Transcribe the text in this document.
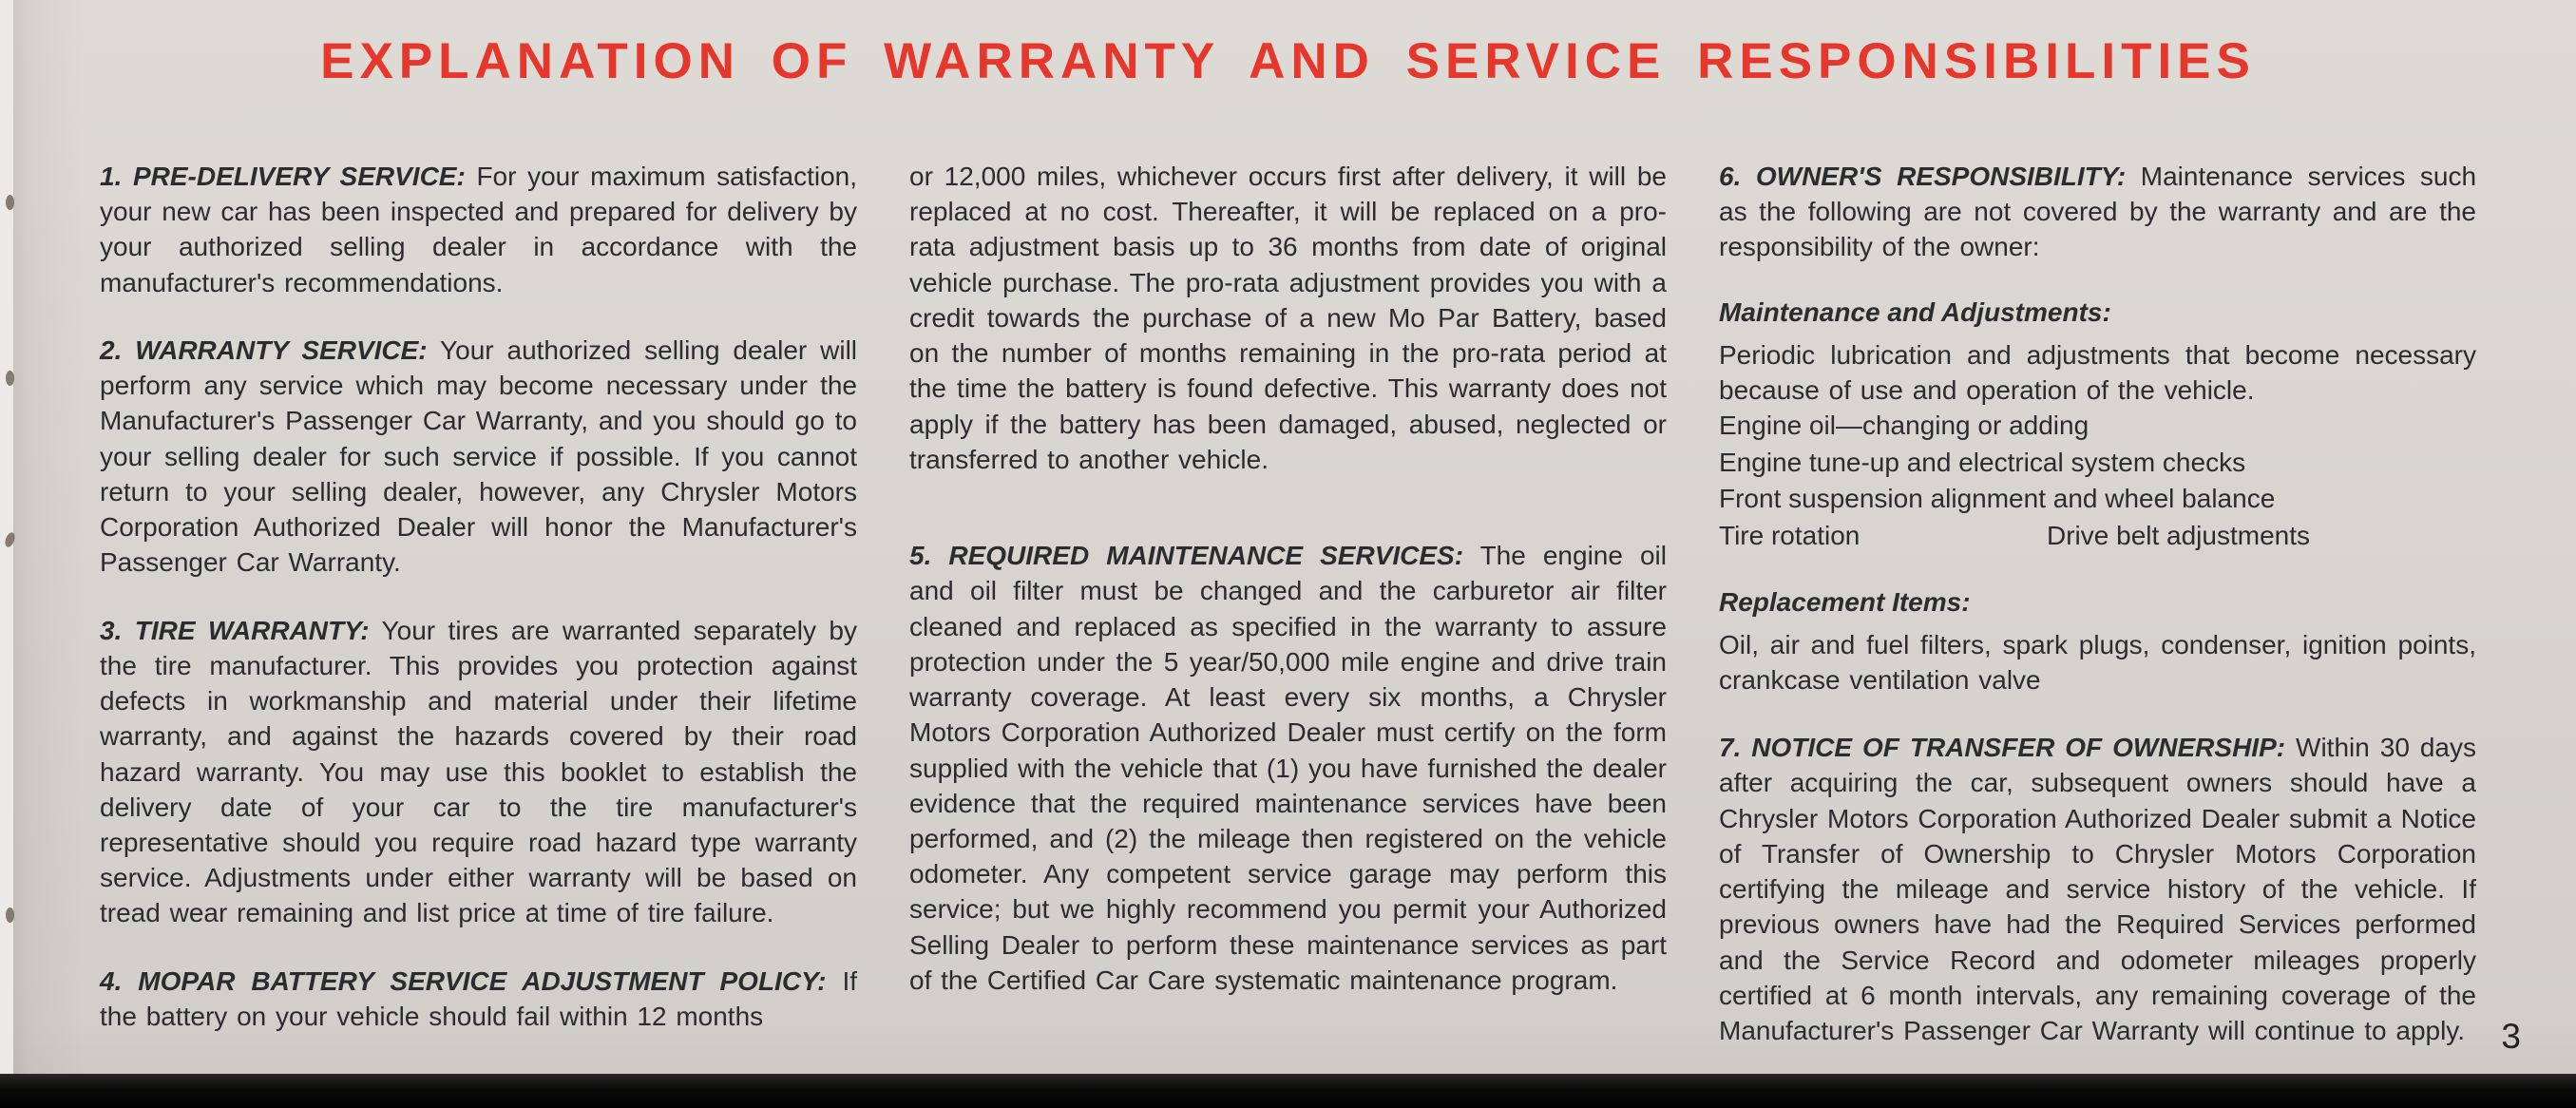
EXPLANATION OF WARRANTY AND SERVICE RESPONSIBILITIES

1. PRE-DELIVERY SERVICE: For your maximum satisfaction, your new car has been inspected and prepared for delivery by your authorized selling dealer in accordance with the manufacturer's recommendations.

2. WARRANTY SERVICE: Your authorized selling dealer will perform any service which may become necessary under the Manufacturer's Passenger Car Warranty, and you should go to your selling dealer for such service if possible. If you cannot return to your selling dealer, however, any Chrysler Motors Corporation Authorized Dealer will honor the Manufacturer's Passenger Car Warranty.

3. TIRE WARRANTY: Your tires are warranted separately by the tire manufacturer. This provides you protection against defects in workmanship and material under their lifetime warranty, and against the hazards covered by their road hazard warranty. You may use this booklet to establish the delivery date of your car to the tire manufacturer's representative should you require road hazard type warranty service. Adjustments under either warranty will be based on tread wear remaining and list price at time of tire failure.

4. MOPAR BATTERY SERVICE ADJUSTMENT POLICY: If the battery on your vehicle should fail within 12 months

or 12,000 miles, whichever occurs first after delivery, it will be replaced at no cost. Thereafter, it will be replaced on a pro-rata adjustment basis up to 36 months from date of original vehicle purchase. The pro-rata adjustment provides you with a credit towards the purchase of a new Mo Par Battery, based on the number of months remaining in the pro-rata period at the time the battery is found defective. This warranty does not apply if the battery has been damaged, abused, neglected or transferred to another vehicle.

5. REQUIRED MAINTENANCE SERVICES: The engine oil and oil filter must be changed and the carburetor air filter cleaned and replaced as specified in the warranty to assure protection under the 5 year/50,000 mile engine and drive train warranty coverage. At least every six months, a Chrysler Motors Corporation Authorized Dealer must certify on the form supplied with the vehicle that (1) you have furnished the dealer evidence that the required maintenance services have been performed, and (2) the mileage then registered on the vehicle odometer. Any competent service garage may perform this service; but we highly recommend you permit your Authorized Selling Dealer to perform these maintenance services as part of the Certified Car Care systematic maintenance program.

6. OWNER'S RESPONSIBILITY: Maintenance services such as the following are not covered by the warranty and are the responsibility of the owner:

Maintenance and Adjustments:
Periodic lubrication and adjustments that become necessary because of use and operation of the vehicle.
Engine oil—changing or adding
Engine tune-up and electrical system checks
Front suspension alignment and wheel balance
Tire rotation	Drive belt adjustments
Replacement Items:

Oil, air and fuel filters, spark plugs, condenser, ignition points, crankcase ventilation valve

7. NOTICE OF TRANSFER OF OWNERSHIP: Within 30 days after acquiring the car, subsequent owners should have a Chrysler Motors Corporation Authorized Dealer submit a Notice of Transfer of Ownership to Chrysler Motors Corporation certifying the mileage and service history of the vehicle. If previous owners have had the Required Services performed and the Service Record and odometer mileages properly certified at 6 month intervals, any remaining coverage of the Manufacturer's Passenger Car Warranty will continue to apply.	3
